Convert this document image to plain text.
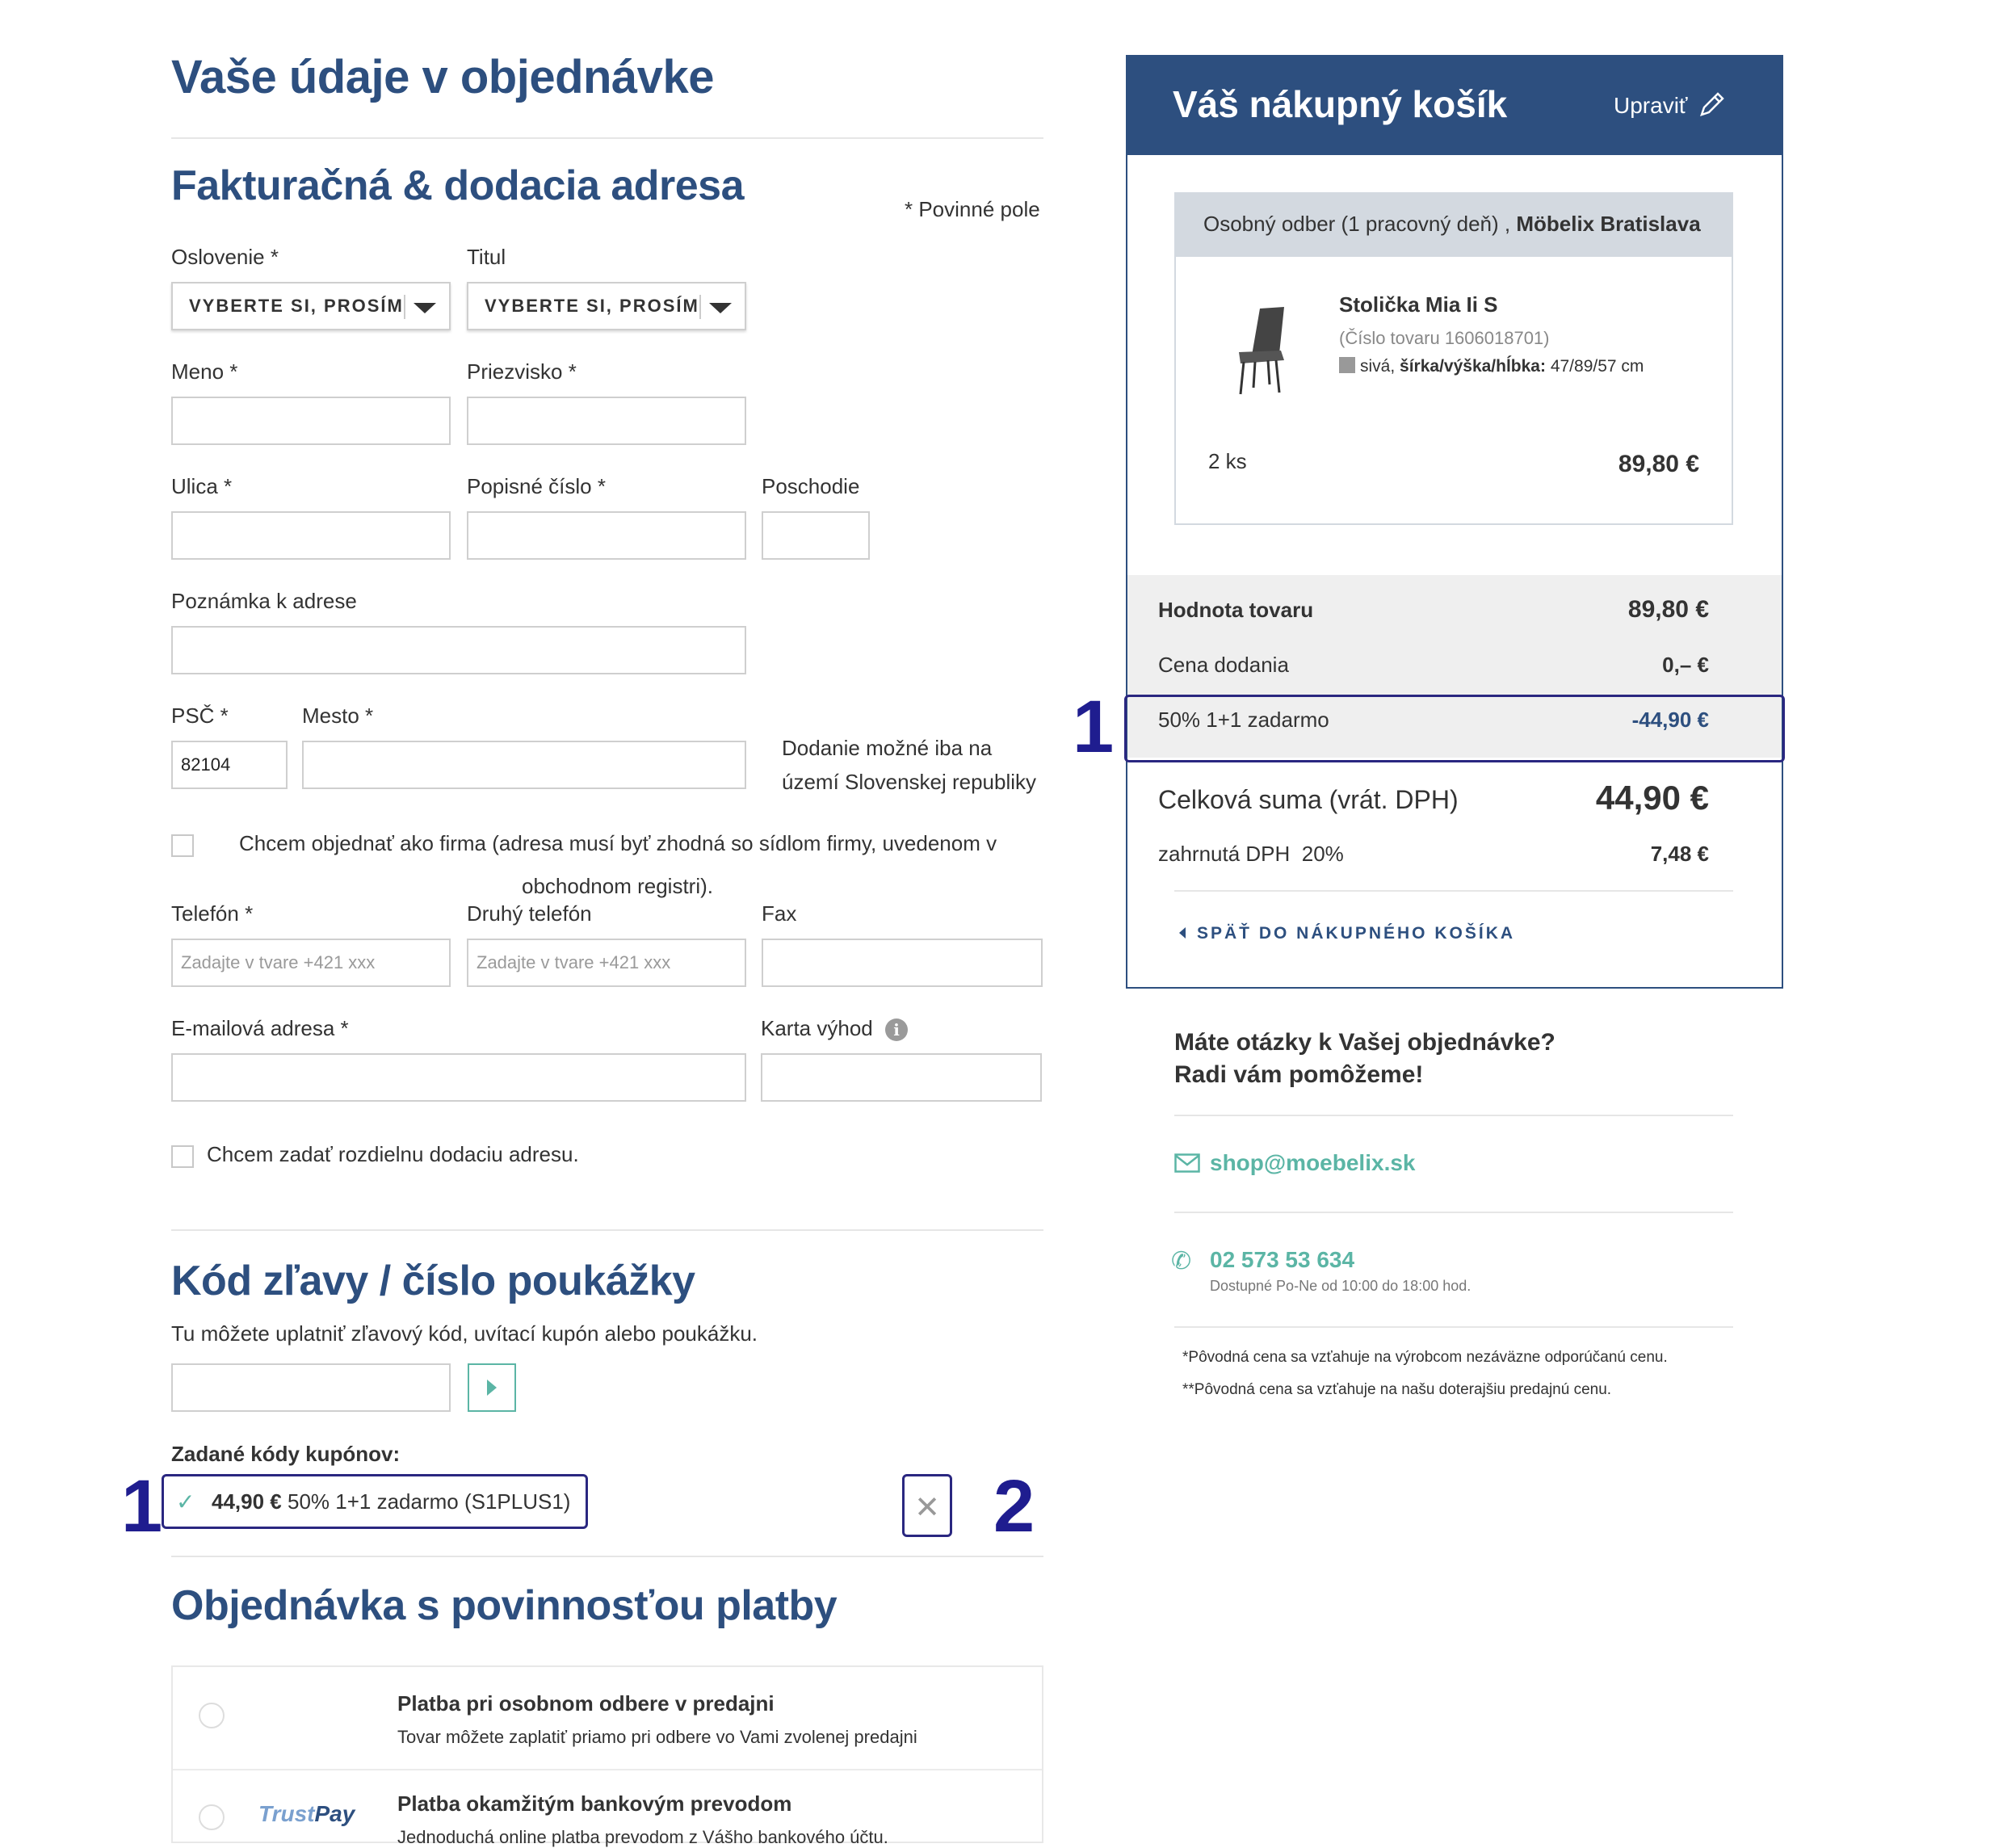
Vaše údaje v objednávke
Fakturačná & dodacia adresa	* Povinné pole
Oslovenie *
VYBERTE SI, PROSÍM
Titul
VYBERTE SI, PROSÍM
Meno *	Priezvisko *
Ulica *	Popisné číslo *	Poschodie
Poznámka k adrese
PSČ *
82104	Mesto *
Dodanie možné iba na
území Slovenskej republiky
Chcem objednať ako firma (adresa musí byť zhodná so sídlom firmy, uvedenom v
obchodnom registri).
Telefón *
Zadajte v tvare +421 xxx	Druhý telefón
Zadajte v tvare +421 xxx	Fax
E-mailová adresa *	Karta výhod	i
Chcem zadať rozdielnu dodaciu adresu.
Kód zľavy / číslo poukážky
Tu môžete uplatniť zľavový kód, uvítací kupón alebo poukážku.
Zadané kódy kupónov:
✓ 44,90 € 50% 1+1 zadarmo (S1PLUS1)	✕
1	2
Objednávka s povinnosťou platby
Platba pri osobnom odbere v predajni
Tovar môžete zaplatiť priamo pri odbere vo Vami zvolenej predajni
TrustPay Platba okamžitým bankovým prevodom
Jednoduchá online platba prevodom z Vášho bankového účtu.
Váš nákupný košík	Upraviť
Osobný odber (1 pracovný deň) , Möbelix Bratislava
Stolička Mia Ii S
(Číslo tovaru 1606018701)
sivá, šírka/výška/hĺbka: 47/89/57 cm
2 ks	89,80 €
Hodnota tovaru	89,80 €
Cena dodania	0,– €
50% 1+1 zadarmo	-44,90 €
1
Celková suma (vrát. DPH)	44,90 €
zahrnutá DPH  20%	7,48 €
SPÄŤ DO NÁKUPNÉHO KOŠÍKA
Máte otázky k Vašej objednávke?
Radi vám pomôžeme!
shop@moebelix.sk
✆ 02 573 53 634
Dostupné Po-Ne od 10:00 do 18:00 hod.
*Pôvodná cena sa vzťahuje na výrobcom nezáväzne odporúčanú cenu.
**Pôvodná cena sa vzťahuje na našu doterajšiu predajnú cenu.
